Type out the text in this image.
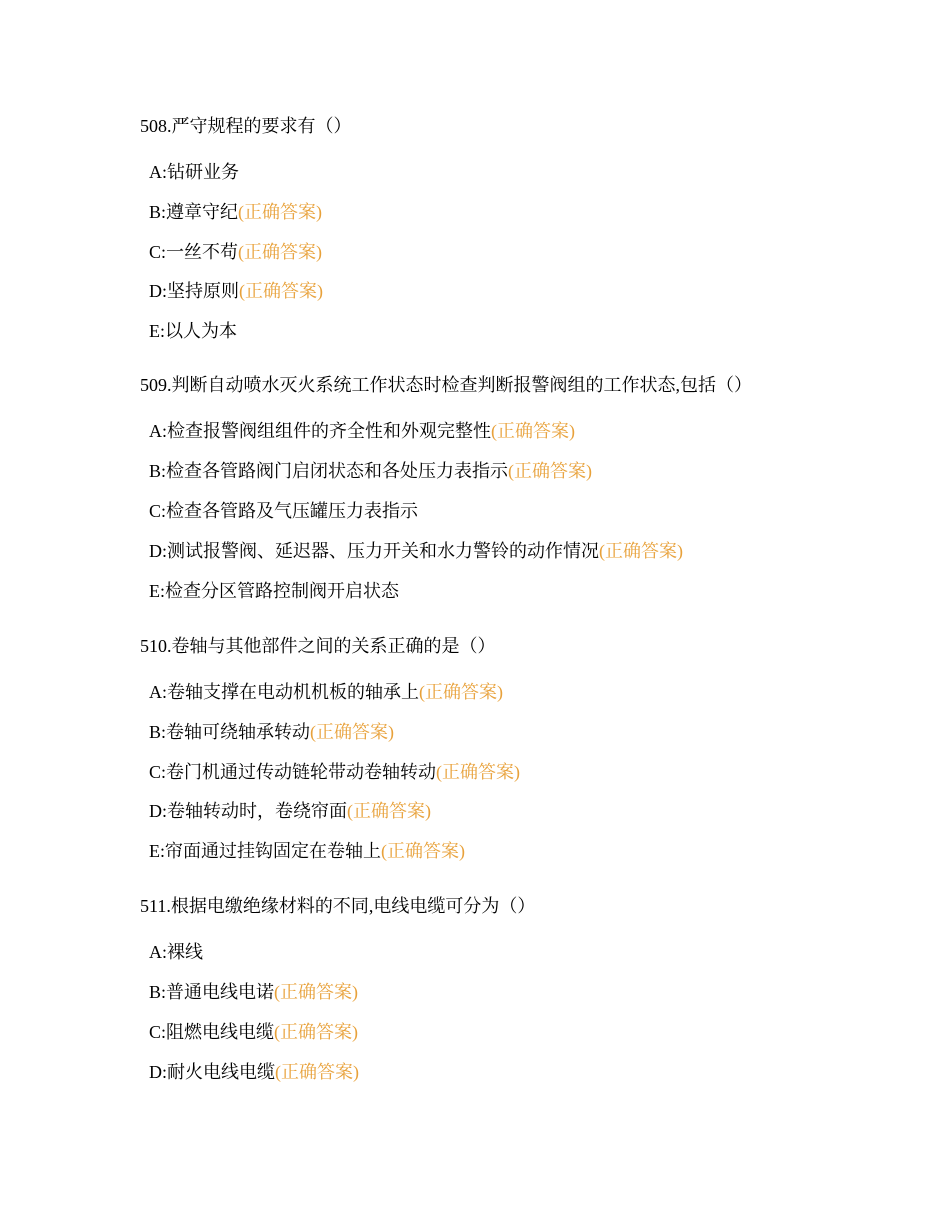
508.严守规程的要求有（）
A:钻研业务
B:遵章守纪(正确答案)
C:一丝不苟(正确答案)
D:坚持原则(正确答案)
E:以人为本
509.判断自动喷水灭火系统工作状态时检查判断报警阀组的工作状态,包括（）
A:检查报警阀组组件的齐全性和外观完整性(正确答案)
B:检查各管路阀门启闭状态和各处压力表指示(正确答案)
C:检查各管路及气压罐压力表指示
D:测试报警阀、延迟器、压力开关和水力警铃的动作情况(正确答案)
E:检查分区管路控制阀开启状态
510.卷轴与其他部件之间的关系正确的是（）
A:卷轴支撑在电动机机板的轴承上(正确答案)
B:卷轴可绕轴承转动(正确答案)
C:卷门机通过传动链轮带动卷轴转动(正确答案)
D:卷轴转动时，卷绕帘面(正确答案)
E:帘面通过挂钩固定在卷轴上(正确答案)
511.根据电缴绝缘材料的不同,电线电缆可分为（）
A:裸线
B:普通电线电诺(正确答案)
C:阻燃电线电缆(正确答案)
D:耐火电线电缆(正确答案)
